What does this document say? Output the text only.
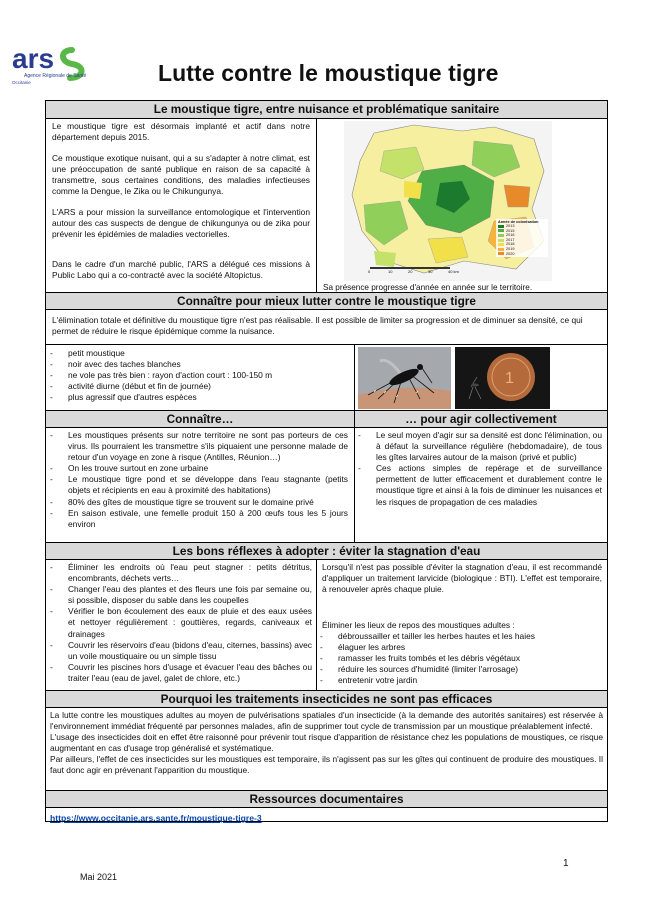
ars
Agence Régionale de Santé
Occitanie	Lutte contre le moustique tigre
Le moustique tigre, entre nuisance et problématique sanitaire

Le moustique tigre est désormais implanté et actif dans notre département depuis 2015.

Ce moustique exotique nuisant, qui a su s'adapter à notre climat, est une préoccupation de santé publique en raison de sa capacité à transmettre, sous certaines conditions, des maladies infectieuses comme la Dengue, le Zika ou le Chikungunya.

L'ARS a pour mission la surveillance entomologique et l'intervention autour des cas suspects de dengue de chikungunya ou de zika pour prévenir les épidémies de maladies vectorielles.

Dans le cadre d'un marché public, l'ARS a délégué ces missions à Public Labo qui a co-contracté avec la société Altopictus.

Année de colonisation
2013
2015
2016
2017
2018
2019
2020
0	10	20	30	40 km
Sa présence progresse d'année en année sur le territoire.
Connaître pour mieux lutter contre le moustique tigre
L'élimination totale et définitive du moustique tigre n'est pas réalisable. Il est possible de limiter sa progression et de diminuer sa densité, ce qui permet de réduire le risque épidémique comme la nuisance.
- petit moustique
- noir avec des taches blanches
- ne vole pas très bien : rayon d'action court : 100-150 m
- activité diurne (début et fin de journée)
- plus agressif que d'autres espèces
1
Connaître…	… pour agir collectivement
- Les moustiques présents sur notre territoire ne sont pas porteurs de ces virus. Ils pourraient les transmettre s'ils piquaient une personne malade de retour d'un voyage en zone à risque (Antilles, Réunion…)
- On les trouve surtout en zone urbaine
- Le moustique tigre pond et se développe dans l'eau stagnante (petits objets et récipients en eau à proximité des habitations)
- 80% des gîtes de moustique tigre se trouvent sur le domaine privé
- En saison estivale, une femelle produit 150 à 200 œufs tous les 5 jours environ
- Le seul moyen d'agir sur sa densité est donc l'élimination, ou à défaut la surveillance régulière (hebdomadaire), de tous les gîtes larvaires autour de la maison (privé et public)
- Ces actions simples de repérage et de surveillance permettent de lutter efficacement et durablement contre le moustique tigre et ainsi à la fois de diminuer les nuisances et les risques de propagation de ces maladies
Les bons réflexes à adopter : éviter la stagnation d'eau
- Éliminer les endroits où l'eau peut stagner : petits détritus, encombrants, déchets verts…
- Changer l'eau des plantes et des fleurs une fois par semaine ou, si possible, disposer du sable dans les coupelles
- Vérifier le bon écoulement des eaux de pluie et des eaux usées et nettoyer régulièrement : gouttières, regards, caniveaux et drainages
- Couvrir les réservoirs d'eau (bidons d'eau, citernes, bassins) avec un voile moustiquaire ou un simple tissu
- Couvrir les piscines hors d'usage et évacuer l'eau des bâches ou traiter l'eau (eau de javel, galet de chlore, etc.)
Lorsqu'il n'est pas possible d'éviter la stagnation d'eau, il est recommandé d'appliquer un traitement larvicide (biologique : BTI). L'effet est temporaire, à renouveler après chaque pluie.
Éliminer les lieux de repos des moustiques adultes :
- débroussailler et tailler les herbes hautes et les haies
- élaguer les arbres
- ramasser les fruits tombés et les débris végétaux
- réduire les sources d'humidité (limiter l'arrosage)
- entretenir votre jardin
Pourquoi les traitements insecticides ne sont pas efficaces
La lutte contre les moustiques adultes au moyen de pulvérisations spatiales d'un insecticide (à la demande des autorités sanitaires) est réservée à l'environnement immédiat fréquenté par personnes malades, afin de supprimer tout cycle de transmission par un moustique préalablement infecté.
L'usage des insecticides doit en effet être raisonné pour prévenir tout risque d'apparition de résistance chez les populations de moustiques, ce risque augmentant en cas d'usage trop généralisé et systématique.
Par ailleurs, l'effet de ces insecticides sur les moustiques est temporaire, ils n'agissent pas sur les gîtes qui continuent de produire des moustiques. Il faut donc agir en prévenant l'apparition du moustique.
Ressources documentaires
https://www.occitanie.ars.sante.fr/moustique-tigre-3
1
Mai 2021
